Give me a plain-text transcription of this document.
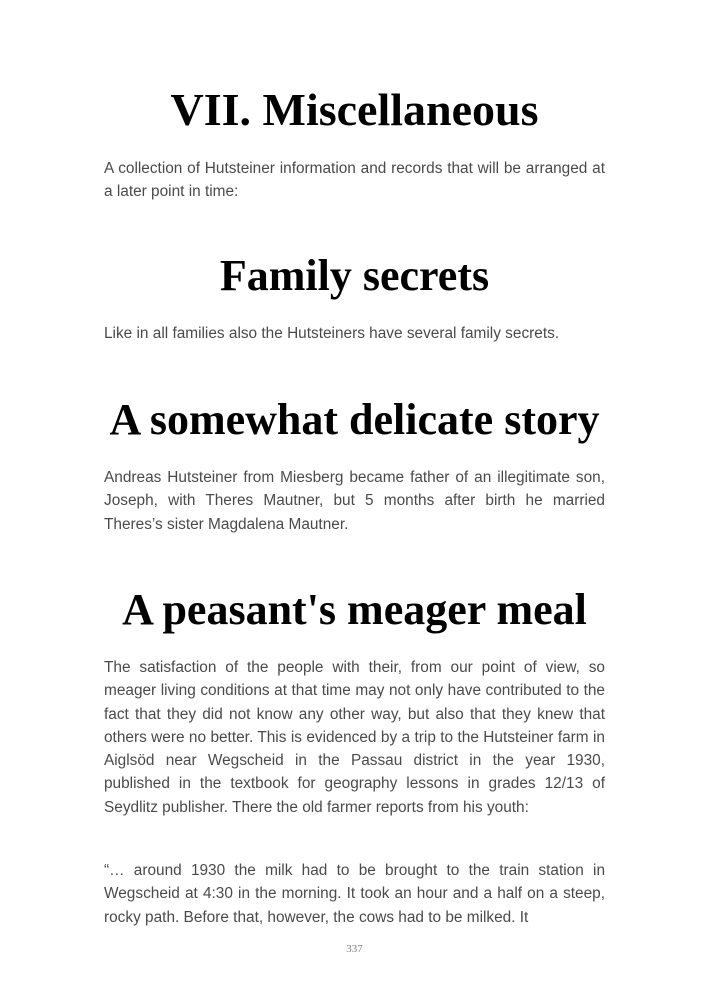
VII. Miscellaneous

A collection of Hutsteiner information and records that will be arranged at a later point in time:

Family secrets

Like in all families also the Hutsteiners have several family secrets.

A somewhat delicate story

Andreas Hutsteiner from Miesberg became father of an illegitimate son, Joseph, with Theres Mautner, but 5 months after birth he married Theres’s sister Magdalena Mautner.

A peasant's meager meal

The satisfaction of the people with their, from our point of view, so meager living conditions at that time may not only have contributed to the fact that they did not know any other way, but also that they knew that others were no better. This is evidenced by a trip to the Hutsteiner farm in Aiglsöd near Wegscheid in the Passau district in the year 1930, published in the textbook for geography lessons in grades 12/13 of Seydlitz publisher. There the old farmer reports from his youth:

“… around 1930 the milk had to be brought to the train station in Wegscheid at 4:30 in the morning. It took an hour and a half on a steep, rocky path. Before that, however, the cows had to be milked. It

337
